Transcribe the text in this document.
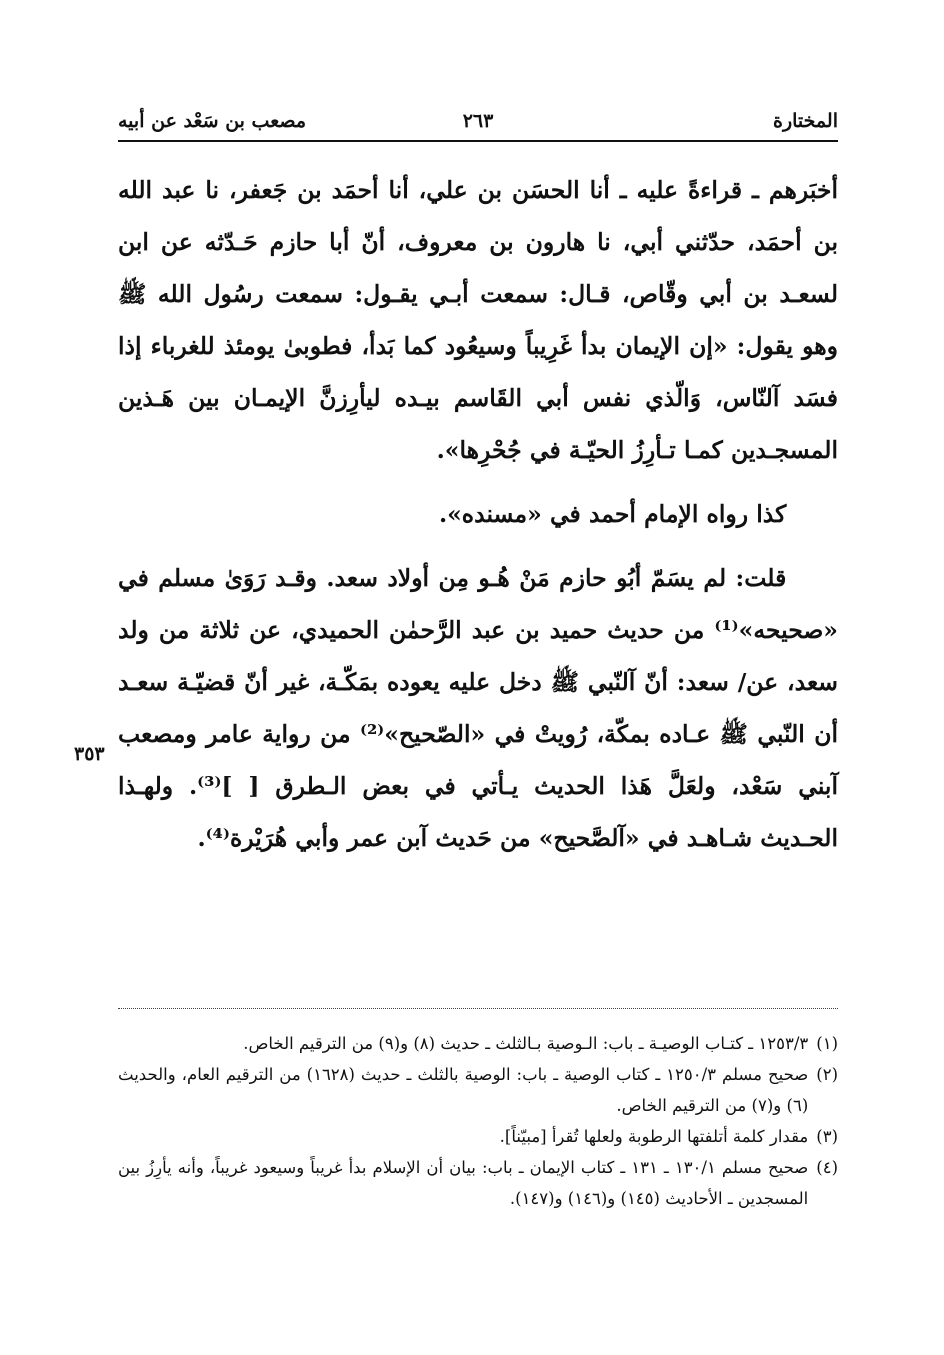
المختارة
٢٦٣
مصعب بن سَعْد عن أبيه

أخبَرهم ـ قراءةً عليه ـ أنا الحسَن بن علي، أنا أحمَد بن جَعفر، نا عبد الله بن أحمَد، حدّثني أبي، نا هارون بن معروف، أنّ أبا حازم حَـدّثه عن ابن لسعـد بن أبي وقّاص، قـال: سمعت أبـي يقـول: سمعت رسُول الله ﷺ وهو يقول: «إن الإيمان بدأ غَرِيباً وسيعُود كما بَدأ، فطوبىٰ يومئذ للغرباء إذا فسَد آلنّاس، وَالّذي نفس أبي القَاسم بيـده ليأرِزنَّ الإيمـان بين هَـذين المسجـدين كمـا تـأرِزُ الحيّـة في جُحْرِها».

كذا رواه الإمام أحمد في «مسنده».

قلت: لم يسَمّ أبُو حازم مَنْ هُـو مِن أولاد سعد. وقـد رَوَىٰ مسلم في «صحيحه»⁽¹⁾ من حديث حميد بن عبد الرَّحمٰن الحميدي، عن ثلاثة من ولد سعد، عن/ سعد: أنّ آلنّبي ﷺ دخل عليه يعوده بمَكّـة، غير أنّ قضيّـة سعـد أن النّبي ﷺ عـاده بمكّة، رُويتْ في «الصّحيح»⁽²⁾ من رواية عامر ومصعب آبني سَعْد، ولعَلَّ هَذا الحديث يـأتي في بعض الـطرق [ ]⁽³⁾. ولهـذا الحـديث شـاهـد في «آلصَّحيح» من حَديث آبن عمر وأبي هُرَيْرة⁽⁴⁾.

٣٥٣
(١)
١٢٥٣/٣ ـ كتـاب الوصيـة ـ باب: الـوصية بـالثلث ـ حديث (٨) و(٩) من الترقيم الخاص.
(٢)
صحيح مسلم ١٢٥٠/٣ ـ كتاب الوصية ـ باب: الوصية بالثلث ـ حديث (١٦٢٨) من الترقيم العام، والحديث (٦) و(٧) من الترقيم الخاص.
(٣)
مقدار كلمة أتلفتها الرطوبة ولعلها تُقرأ [مبيّناً].
(٤)
صحيح مسلم ١٣٠/١ ـ ١٣١ ـ كتاب الإيمان ـ باب: بيان أن الإسلام بدأ غريباً وسيعود غريباً، وأنه يأرِزُ بين المسجدين ـ الأحاديث (١٤٥) و(١٤٦) و(١٤٧).
